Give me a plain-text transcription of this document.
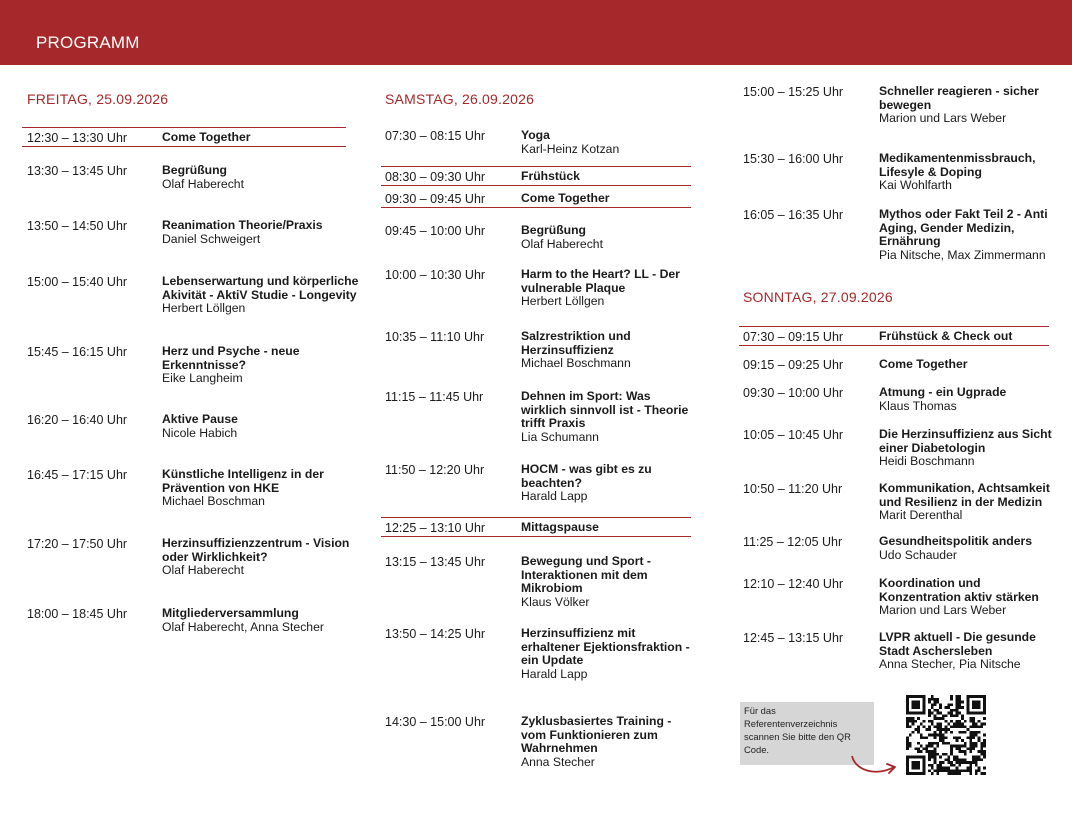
PROGRAMM
FREITAG, 25.09.2026
12:30 – 13:30 Uhr	Come Together
13:30 – 13:45 Uhr	Begrüßung
Olaf Haberecht
13:50 – 14:50 Uhr	Reanimation Theorie/Praxis
Daniel Schweigert
15:00 – 15:40 Uhr	Lebenserwartung und körperliche Akivität - AktiV Studie - Longevity
Herbert Löllgen
15:45 – 16:15 Uhr	Herz und Psyche - neue Erkenntnisse?
Eike Langheim
16:20 – 16:40 Uhr	Aktive Pause
Nicole Habich
16:45 – 17:15 Uhr	Künstliche Intelligenz in der Prävention von HKE
Michael Boschman
17:20 – 17:50 Uhr	Herzinsuffizienzzentrum - Vision oder Wirklichkeit?
Olaf Haberecht
18:00 – 18:45 Uhr	Mitgliederversammlung
Olaf Haberecht, Anna Stecher
SAMSTAG, 26.09.2026
07:30 – 08:15 Uhr	Yoga
Karl-Heinz Kotzan
08:30 – 09:30 Uhr	Frühstück
09:30 – 09:45 Uhr	Come Together
09:45 – 10:00 Uhr	Begrüßung
Olaf Haberecht
10:00 – 10:30 Uhr	Harm to the Heart? LL - Der vulnerable Plaque
Herbert Löllgen
10:35 – 11:10 Uhr	Salzrestriktion und Herzinsuffizienz
Michael Boschmann
11:15 – 11:45 Uhr	Dehnen im Sport: Was wirklich sinnvoll ist - Theorie trifft Praxis
Lia Schumann
11:50 – 12:20 Uhr	HOCM - was gibt es zu beachten?
Harald Lapp
12:25 – 13:10 Uhr	Mittagspause
13:15 – 13:45 Uhr	Bewegung und Sport - Interaktionen mit dem Mikrobiom
Klaus Völker
13:50 – 14:25 Uhr	Herzinsuffizienz mit erhaltener Ejektionsfraktion - ein Update
Harald Lapp
14:30 – 15:00 Uhr	Zyklusbasiertes Training - vom Funktionieren zum Wahrnehmen
Anna Stecher
15:00 – 15:25 Uhr	Schneller reagieren - sicher bewegen
Marion und Lars Weber
15:30 – 16:00 Uhr	Medikamentenmissbrauch, Lifesyle & Doping
Kai Wohlfarth
16:05 – 16:35 Uhr	Mythos oder Fakt Teil 2 - Anti Aging, Gender Medizin, Ernährung
Pia Nitsche, Max Zimmermann
SONNTAG, 27.09.2026
07:30 – 09:15 Uhr	Frühstück & Check out
09:15 – 09:25 Uhr	Come Together
09:30 – 10:00 Uhr	Atmung - ein Ugprade
Klaus Thomas
10:05 – 10:45 Uhr	Die Herzinsuffizienz aus Sicht einer Diabetologin
Heidi Boschmann
10:50 – 11:20 Uhr	Kommunikation, Achtsamkeit und Resilienz in der Medizin
Marit Derenthal
11:25 – 12:05 Uhr	Gesundheitspolitik anders
Udo Schauder
12:10 – 12:40 Uhr	Koordination und Konzentration aktiv stärken
Marion und Lars Weber
12:45 – 13:15 Uhr	LVPR aktuell - Die gesunde Stadt Aschersleben
Anna Stecher, Pia Nitsche
Für das Referentenverzeichnis scannen Sie bitte den QR Code.
